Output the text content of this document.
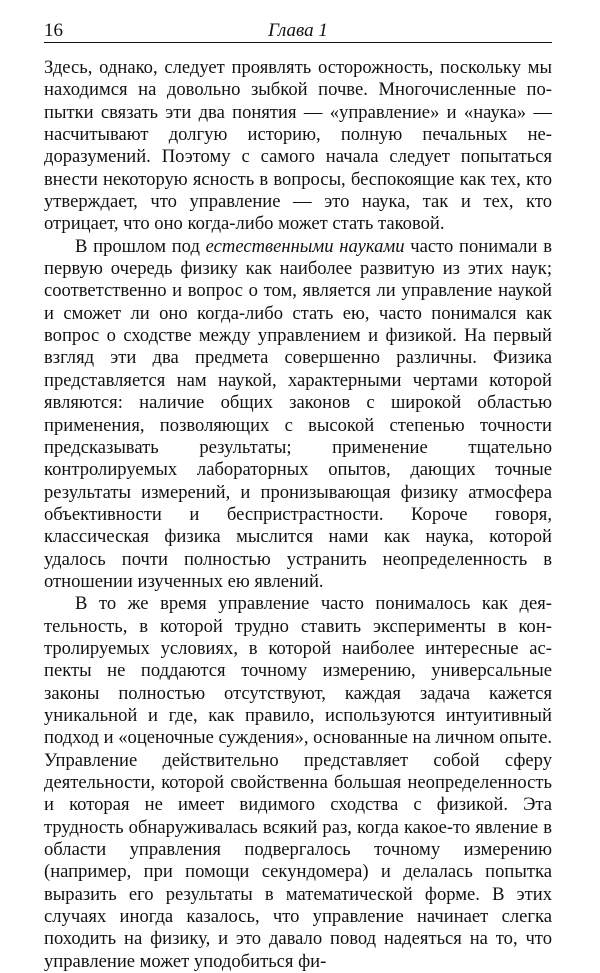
16	Глава 1

Здесь, однако, следует проявлять осторожность, поскольку мы находимся на довольно зыбкой почве. Многочисленные попытки связать эти два понятия — «управление» и «наука» — насчитывают долгую историю, полную печальных недоразумений. Поэтому с самого начала следует попытаться внести некоторую ясность в вопросы, беспокоящие как тех, кто утверждает, что управление — это наука, так и тех, кто отрицает, что оно когда-либо может стать таковой.

В прошлом под естественными науками часто понимали в первую очередь физику как наиболее развитую из этих наук; соответственно и вопрос о том, является ли управление наукой и сможет ли оно когда-либо стать ею, часто понимался как вопрос о сходстве между управлением и физикой. На первый взгляд эти два предмета совершенно различны. Физика представляется нам наукой, характерными чертами которой являются: наличие общих законов с широкой областью применения, позволяющих с высокой степенью точности предсказывать результаты; применение тщательно контролируемых лабораторных опытов, дающих точные результаты измерений, и пронизывающая физику атмосфера объективности и беспристрастности. Короче говоря, классическая физика мыслится нами как наука, которой удалось почти полностью устранить неопределенность в отношении изученных ею явлений.

В то же время управление часто понималось как деятельность, в которой трудно ставить эксперименты в контролируемых условиях, в которой наиболее интересные аспекты не поддаются точному измерению, универсальные законы полностью отсутствуют, каждая задача кажется уникальной и где, как правило, используются интуитивный подход и «оценочные суждения», основанные на личном опыте. Управление действительно представляет собой сферу деятельности, которой свойственна большая неопределенность и которая не имеет видимого сходства с физикой. Эта трудность обнаруживалась всякий раз, когда какое-то явление в области управления подвергалось точному измерению (например, при помощи секундомера) и делалась попытка выразить его результаты в математической форме. В этих случаях иногда казалось, что управление начинает слегка походить на физику, и это давало повод надеяться на то, что управление может уподобиться фи-
